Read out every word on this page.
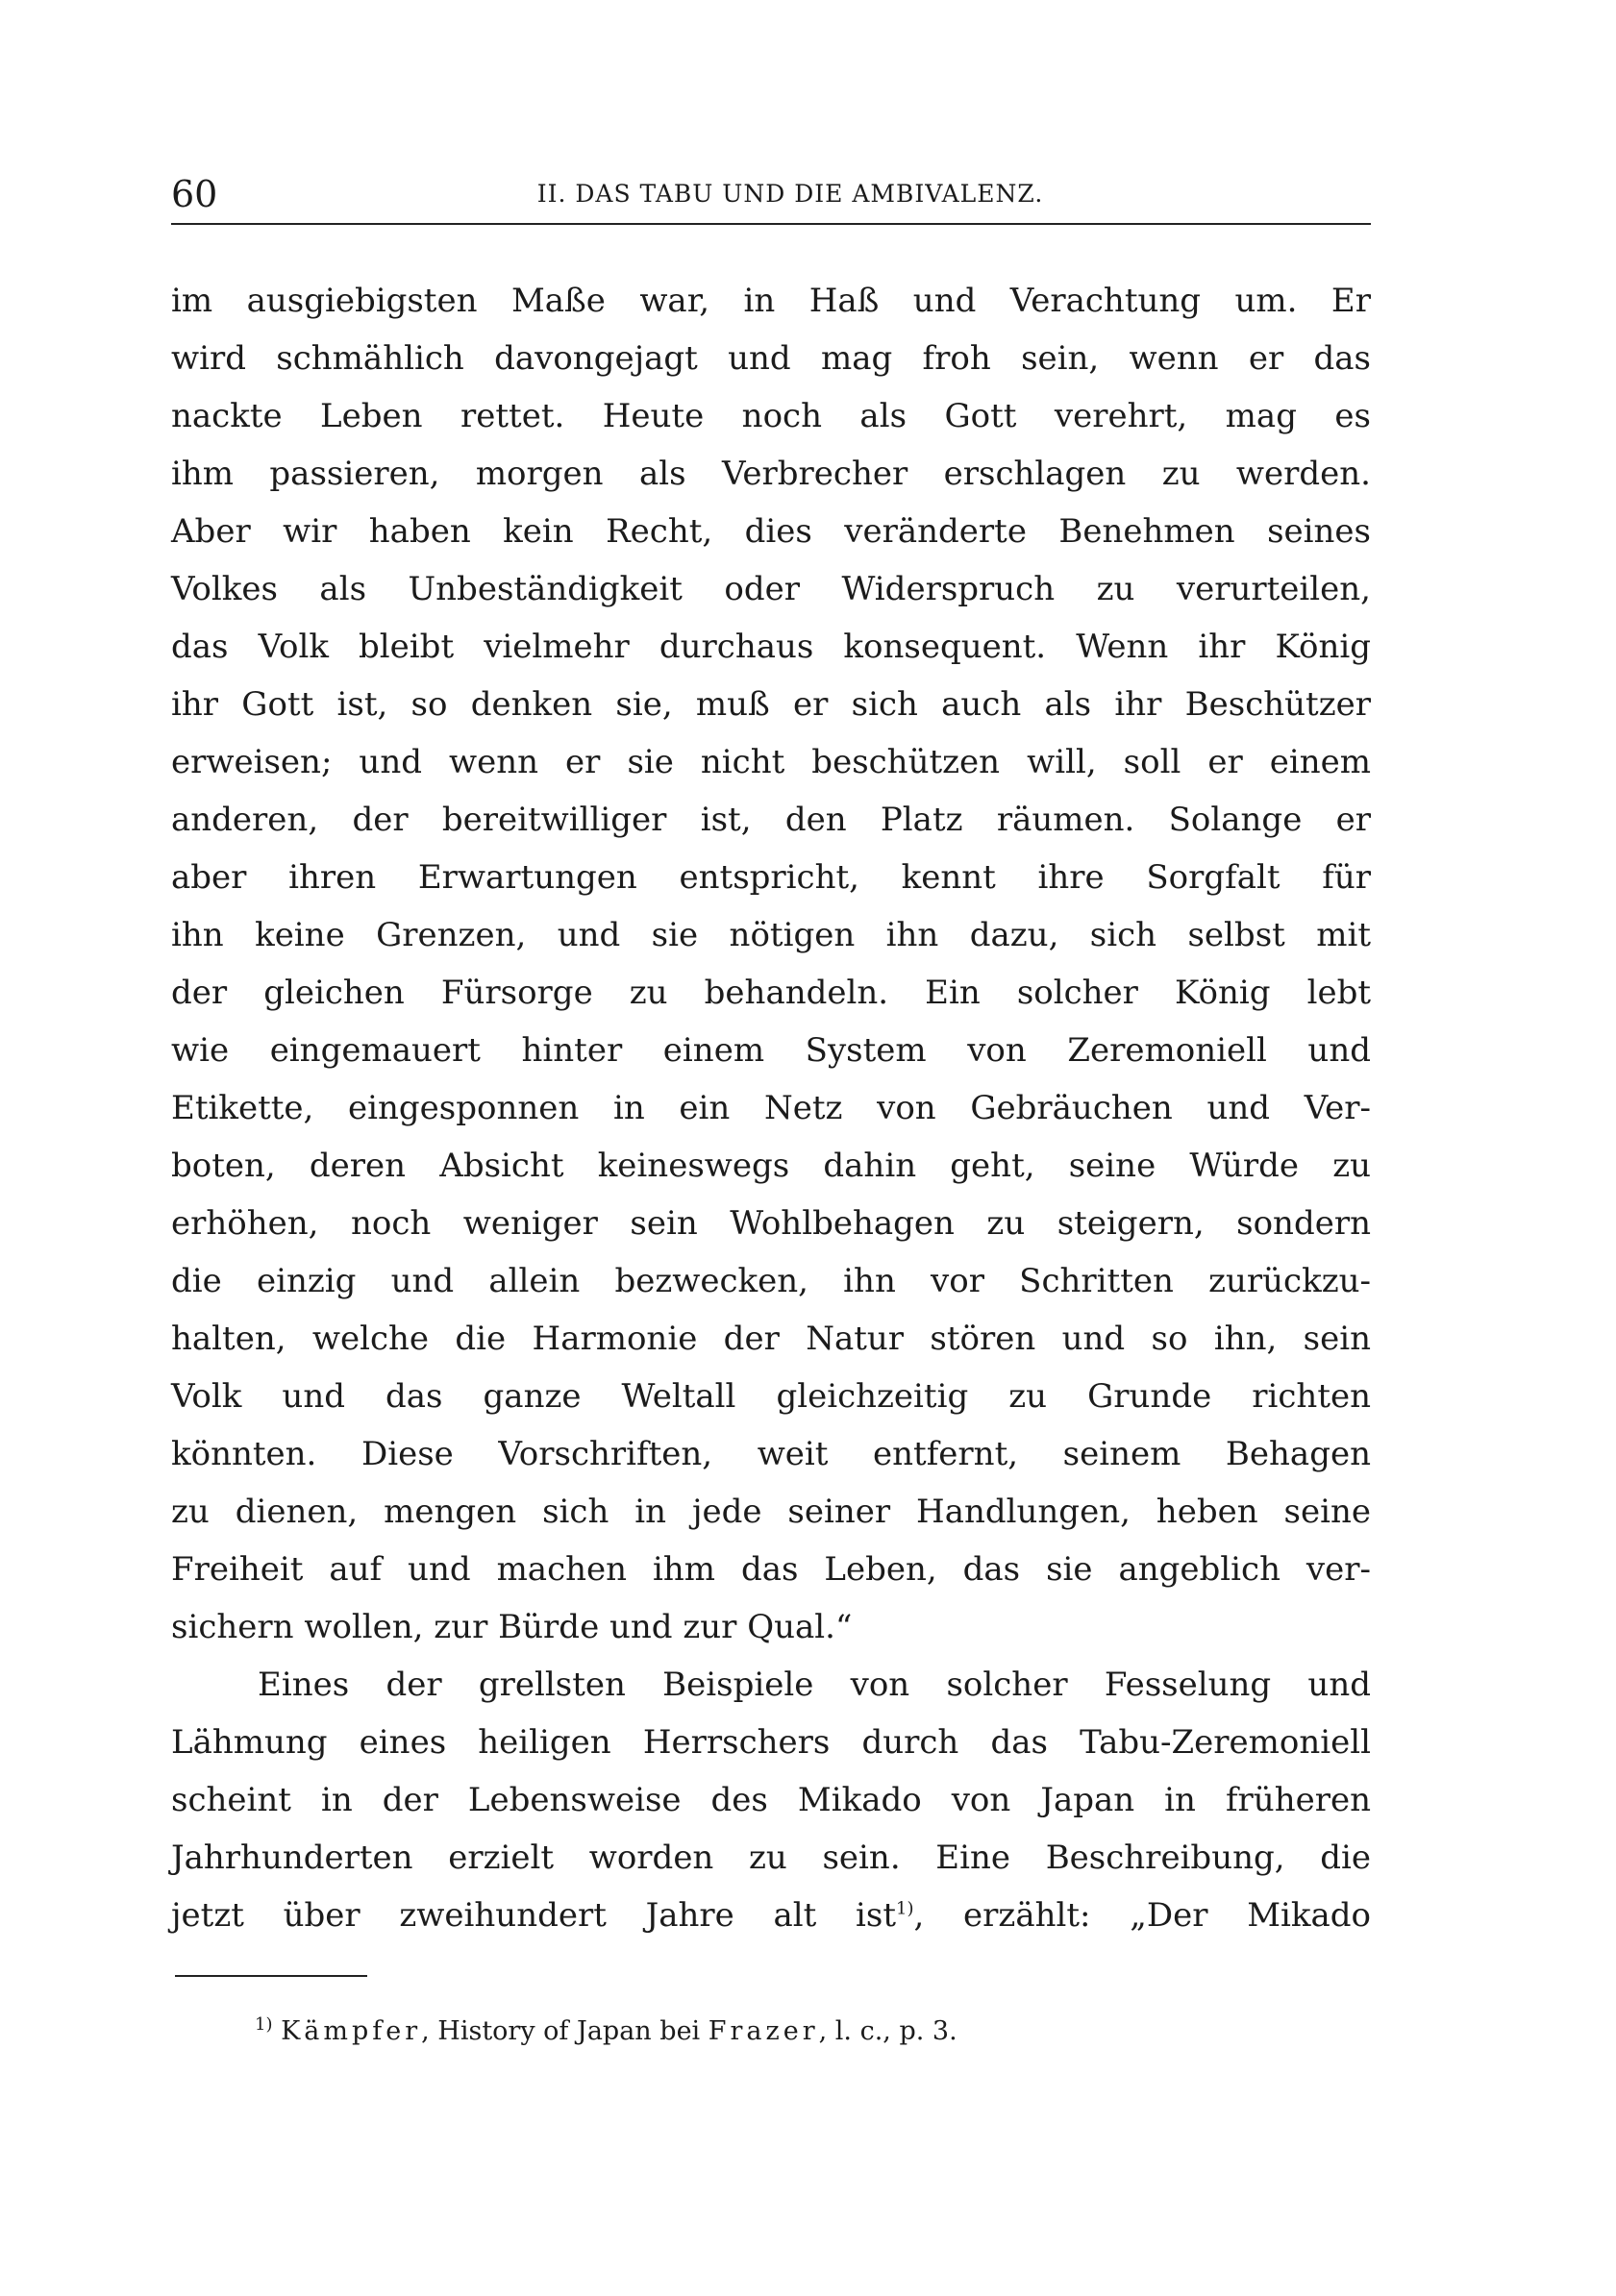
60	II. DAS TABU UND DIE AMBIVALENZ.
im ausgiebigsten Maße war, in Haß und Verachtung um. Er
wird schmählich davongejagt und mag froh sein, wenn er das
nackte Leben rettet. Heute noch als Gott verehrt, mag es
ihm passieren, morgen als Verbrecher erschlagen zu werden.
Aber wir haben kein Recht, dies veränderte Benehmen seines
Volkes als Unbeständigkeit oder Widerspruch zu verurteilen,
das Volk bleibt vielmehr durchaus konsequent. Wenn ihr König
ihr Gott ist, so denken sie, muß er sich auch als ihr Beschützer
erweisen; und wenn er sie nicht beschützen will, soll er einem
anderen, der bereitwilliger ist, den Platz räumen. Solange er
aber ihren Erwartungen entspricht, kennt ihre Sorgfalt für
ihn keine Grenzen, und sie nötigen ihn dazu, sich selbst mit
der gleichen Fürsorge zu behandeln. Ein solcher König lebt
wie eingemauert hinter einem System von Zeremoniell und
Etikette, eingesponnen in ein Netz von Gebräuchen und Ver-
boten, deren Absicht keineswegs dahin geht, seine Würde zu
erhöhen, noch weniger sein Wohlbehagen zu steigern, sondern
die einzig und allein bezwecken, ihn vor Schritten zurückzu-
halten, welche die Harmonie der Natur stören und so ihn, sein
Volk und das ganze Weltall gleichzeitig zu Grunde richten
könnten. Diese Vorschriften, weit entfernt, seinem Behagen
zu dienen, mengen sich in jede seiner Handlungen, heben seine
Freiheit auf und machen ihm das Leben, das sie angeblich ver-
sichern wollen, zur Bürde und zur Qual.“
Eines der grellsten Beispiele von solcher Fesselung und
Lähmung eines heiligen Herrschers durch das Tabu-Zeremoniell
scheint in der Lebensweise des Mikado von Japan in früheren
Jahrhunderten erzielt worden zu sein. Eine Beschreibung, die
jetzt über zweihundert Jahre alt ist$^{1)}$, erzählt: „Der Mikado
$^{1)}$ Kämpfer, History of Japan bei Frazer, l. c., p. 3.
